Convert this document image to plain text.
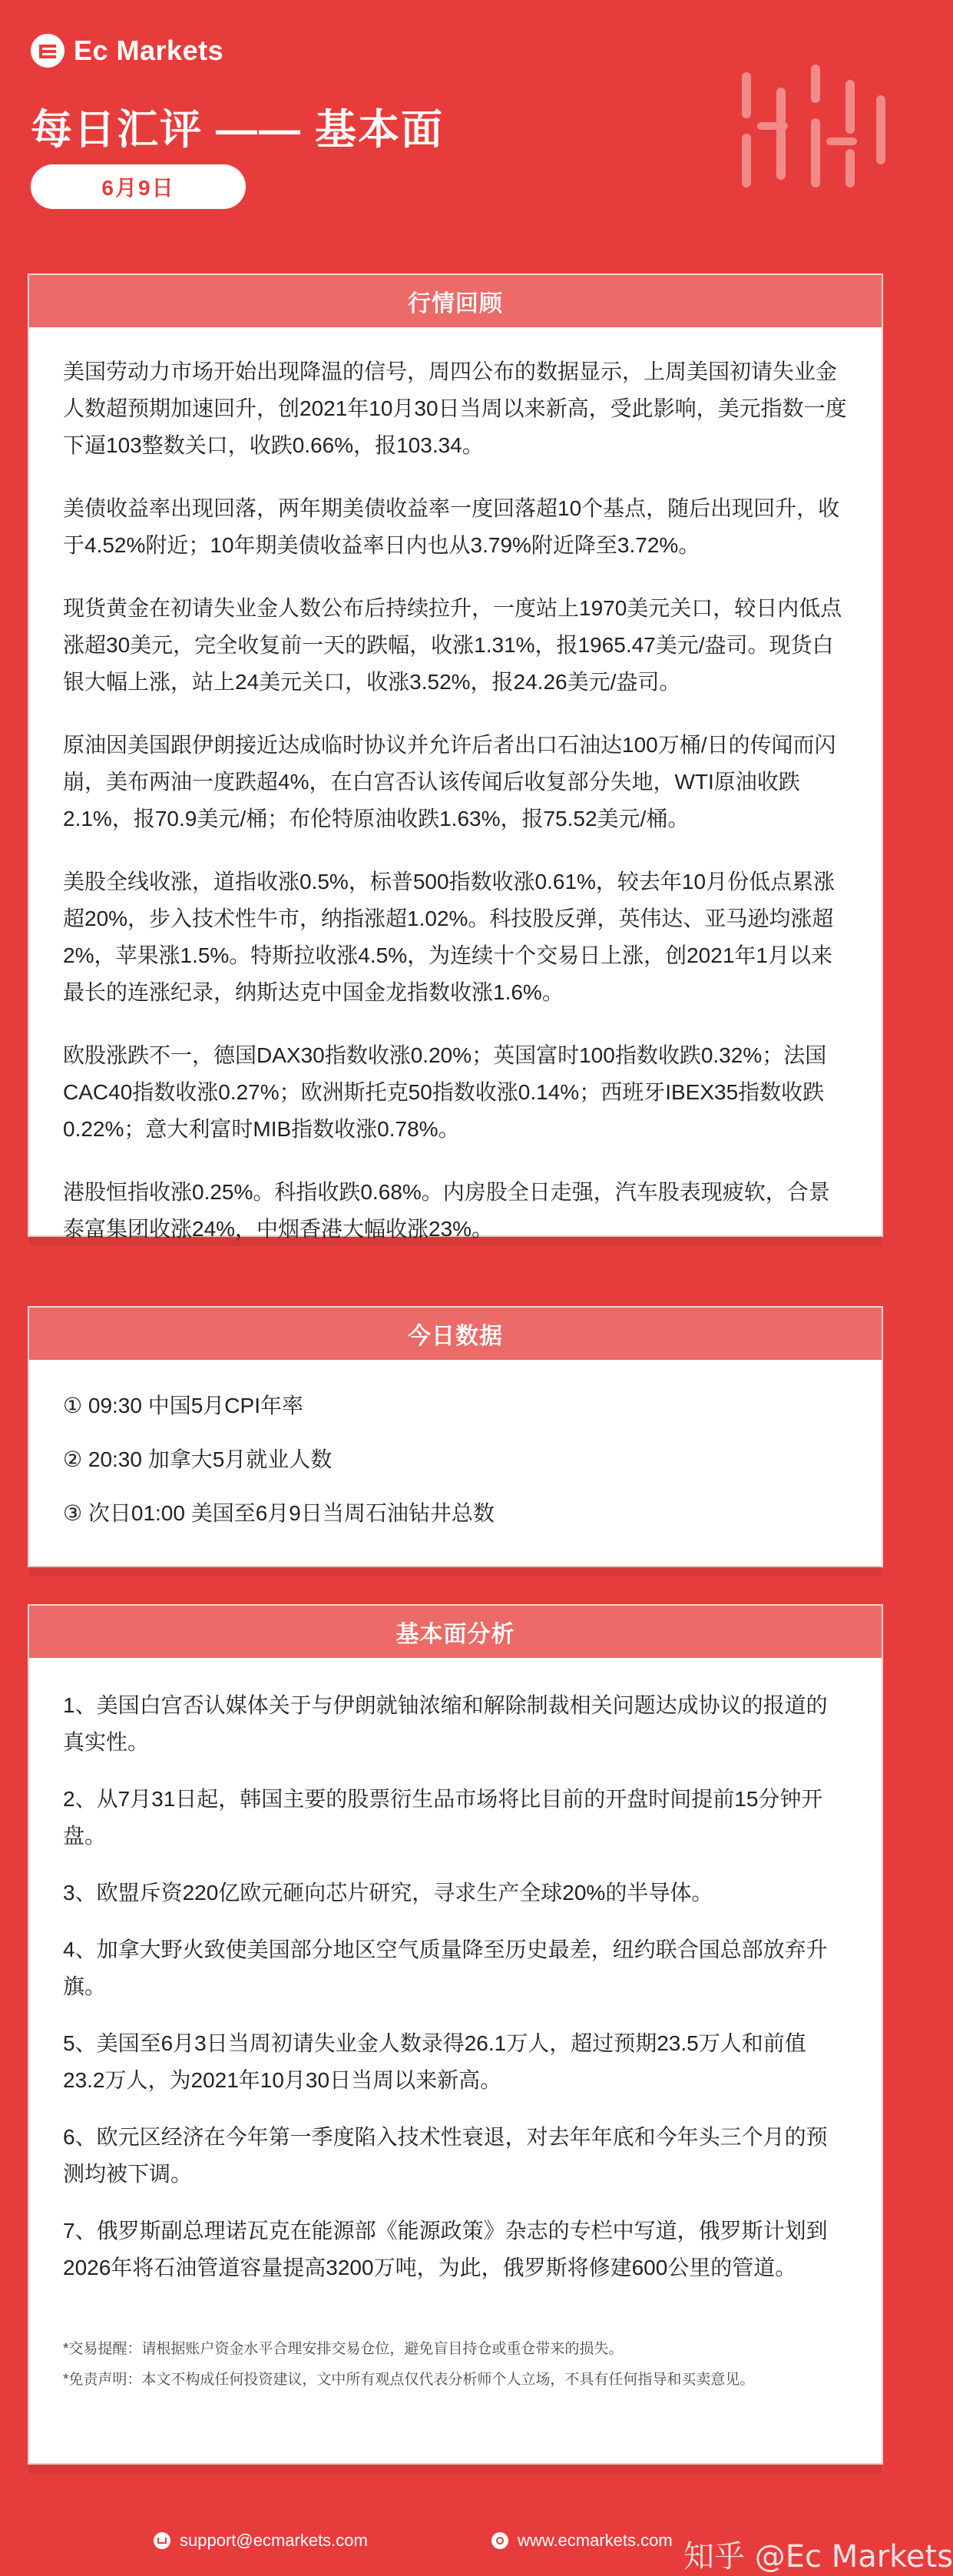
Ec Markets
每日汇评 —— 基本面
6月9日
行情回顾

美国劳动力市场开始出现降温的信号，周四公布的数据显示，上周美国初请失业金人数超预期加速回升，创2021年10月30日当周以来新高，受此影响，美元指数一度下逼103整数关口，收跌0.66%，报103.34。

美债收益率出现回落，两年期美债收益率一度回落超10个基点，随后出现回升，收于4.52%附近；10年期美债收益率日内也从3.79%附近降至3.72%。

现货黄金在初请失业金人数公布后持续拉升，一度站上1970美元关口，较日内低点涨超30美元，完全收复前一天的跌幅，收涨1.31%，报1965.47美元/盎司。现货白银大幅上涨，站上24美元关口，收涨3.52%，报24.26美元/盎司。

原油因美国跟伊朗接近达成临时协议并允许后者出口石油达100万桶/日的传闻而闪崩，美布两油一度跌超4%，在白宫否认该传闻后收复部分失地，WTI原油收跌2.1%，报70.9美元/桶；布伦特原油收跌1.63%，报75.52美元/桶。

美股全线收涨，道指收涨0.5%，标普500指数收涨0.61%，较去年10月份低点累涨超20%，步入技术性牛市，纳指涨超1.02%。科技股反弹，英伟达、亚马逊均涨超2%，苹果涨1.5%。特斯拉收涨4.5%，为连续十个交易日上涨，创2021年1月以来最长的连涨纪录，纳斯达克中国金龙指数收涨1.6%。

欧股涨跌不一，德国DAX30指数收涨0.20%；英国富时100指数收跌0.32%；法国CAC40指数收涨0.27%；欧洲斯托克50指数收涨0.14%；西班牙IBEX35指数收跌0.22%；意大利富时MIB指数收涨0.78%。

港股恒指收涨0.25%。科指收跌0.68%。内房股全日走强，汽车股表现疲软，合景泰富集团收涨24%，中烟香港大幅收涨23%。

今日数据
① 09:30 中国5月CPI年率
② 20:30 加拿大5月就业人数
③ 次日01:00 美国至6月9日当周石油钻井总数
基本面分析

1、美国白宫否认媒体关于与伊朗就铀浓缩和解除制裁相关问题达成协议的报道的真实性。

2、从7月31日起，韩国主要的股票衍生品市场将比目前的开盘时间提前15分钟开盘。

3、欧盟斥资220亿欧元砸向芯片研究，寻求生产全球20%的半导体。

4、加拿大野火致使美国部分地区空气质量降至历史最差，纽约联合国总部放弃升旗。

5、美国至6月3日当周初请失业金人数录得26.1万人，超过预期23.5万人和前值23.2万人，为2021年10月30日当周以来新高。

6、欧元区经济在今年第一季度陷入技术性衰退，对去年年底和今年头三个月的预测均被下调。

7、俄罗斯副总理诺瓦克在能源部《能源政策》杂志的专栏中写道，俄罗斯计划到2026年将石油管道容量提高3200万吨，为此，俄罗斯将修建600公里的管道。

*交易提醒：请根据账户资金水平合理安排交易仓位，避免盲目持仓或重仓带来的损失。

*免责声明：本文不构成任何投资建议，文中所有观点仅代表分析师个人立场，不具有任何指导和买卖意见。

support@ecmarkets.com	www.ecmarkets.com 知乎 @Ec Markets
